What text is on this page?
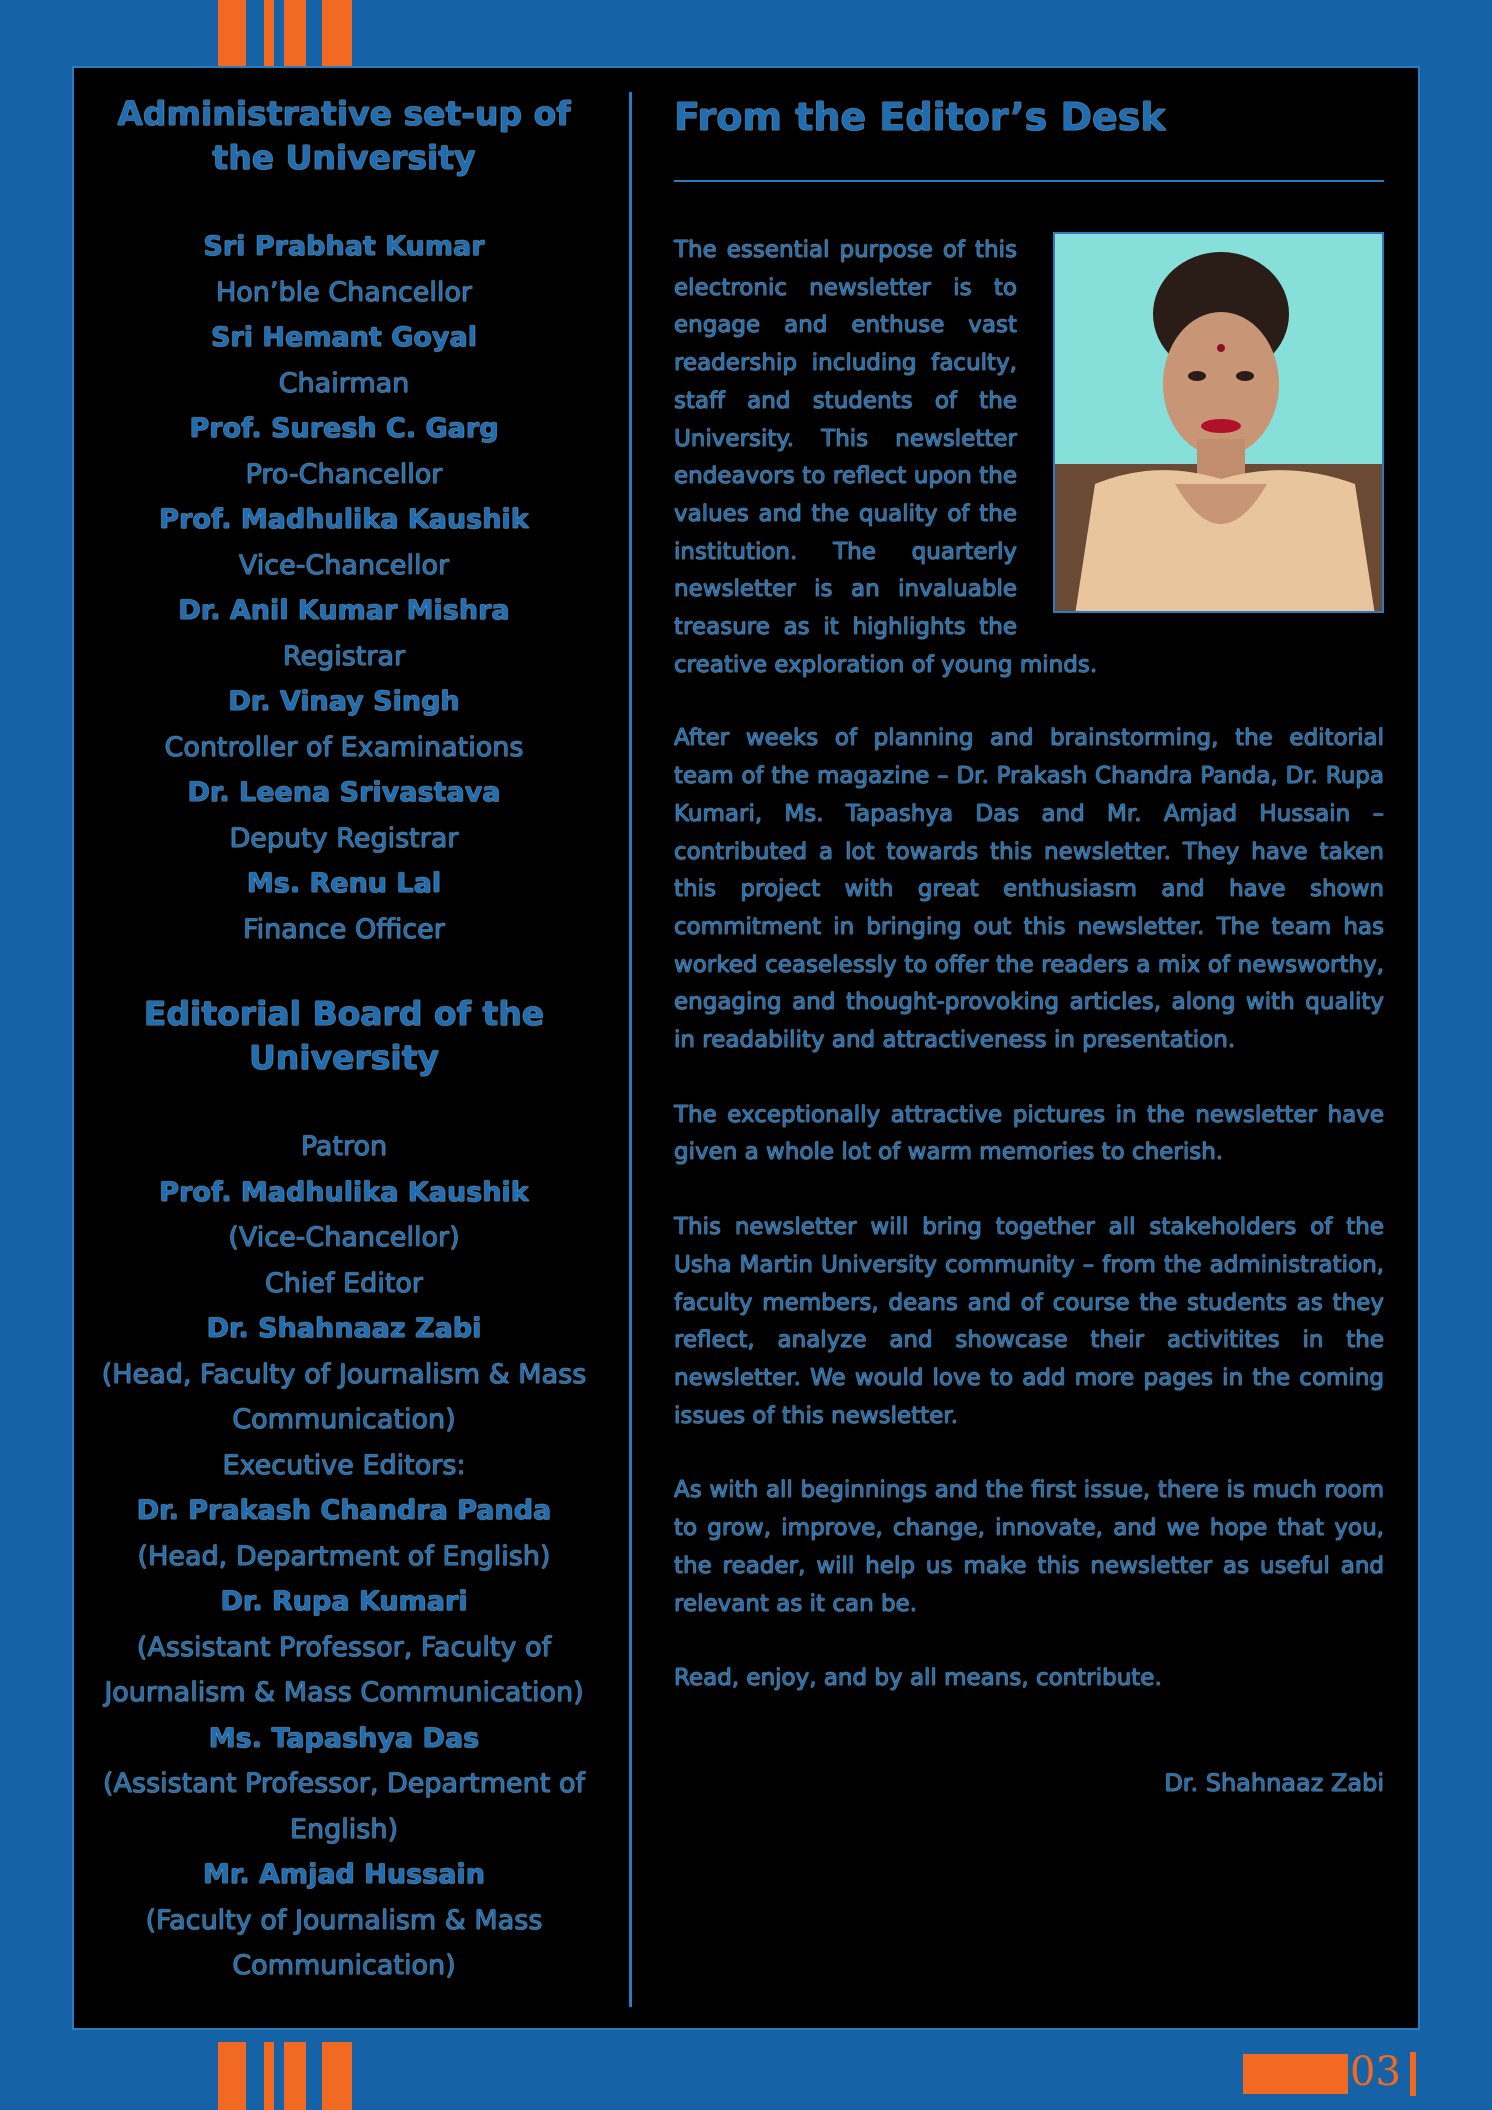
Administrative set-up of
the University
Sri Prabhat Kumar
Hon’ble Chancellor
Sri Hemant Goyal
Chairman
Prof. Suresh C. Garg
Pro-Chancellor
Prof. Madhulika Kaushik
Vice-Chancellor
Dr. Anil Kumar Mishra
Registrar
Dr. Vinay Singh
Controller of Examinations
Dr. Leena Srivastava
Deputy Registrar
Ms. Renu Lal
Finance Officer
Editorial Board of the
University
Patron
Prof. Madhulika Kaushik
(Vice-Chancellor)
Chief Editor
Dr. Shahnaaz Zabi
(Head, Faculty of Journalism & Mass
Communication)
Executive Editors:
Dr. Prakash Chandra Panda
(Head, Department of English)
Dr. Rupa Kumari
(Assistant Professor, Faculty of
Journalism & Mass Communication)
Ms. Tapashya Das
(Assistant Professor, Department of
English)
Mr. Amjad Hussain
(Faculty of Journalism & Mass
Communication)
From the Editor’s Desk

The essential purpose of this electronic newsletter is to engage and enthuse vast readership including faculty, staff and students of the University. This newsletter endeavors to reflect upon the values and the quality of the institution. The quarterly newsletter is an invaluable treasure as it highlights the creative exploration of young minds.

After weeks of planning and brainstorming, the editorial team of the magazine – Dr. Prakash Chandra Panda, Dr. Rupa Kumari, Ms. Tapashya Das and Mr. Amjad Hussain – contributed a lot towards this newsletter. They have taken this project with great enthusiasm and have shown commitment in bringing out this newsletter. The team has worked ceaselessly to offer the readers a mix of newsworthy, engaging and thought-provoking articles, along with quality in readability and attractiveness in presentation.

The exceptionally attractive pictures in the newsletter have given a whole lot of warm memories to cherish.

This newsletter will bring together all stakeholders of the Usha Martin University community – from the administration, faculty members, deans and of course the students as they reflect, analyze and showcase their activitites in the newsletter. We would love to add more pages in the coming issues of this newsletter.

As with all beginnings and the first issue, there is much room to grow, improve, change, innovate, and we hope that you, the reader, will help us make this newsletter as useful and relevant as it can be.

Read, enjoy, and by all means, contribute.

Dr. Shahnaaz Zabi
03
